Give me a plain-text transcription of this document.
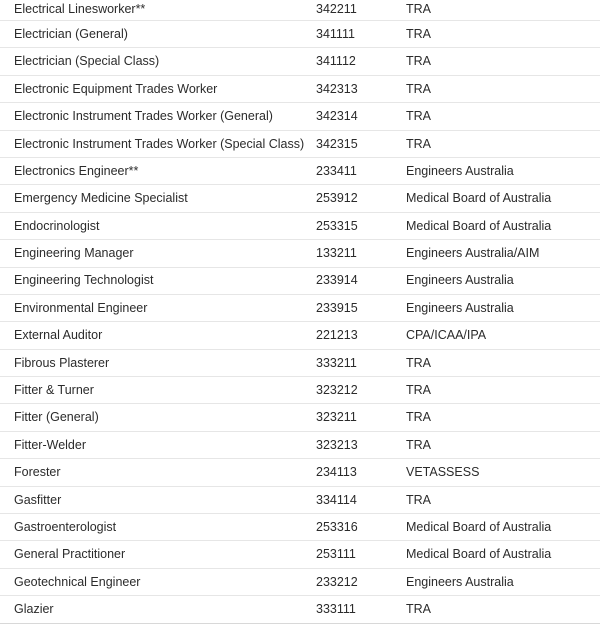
Electrical Linesworker**	342211	TRA
Electrician (General)	341111	TRA
Electrician (Special Class)	341112	TRA
Electronic Equipment Trades Worker	342313	TRA
Electronic Instrument Trades Worker (General)	342314	TRA
Electronic Instrument Trades Worker (Special Class) 342315	TRA
Electronics Engineer**	233411	Engineers Australia
Emergency Medicine Specialist	253912	Medical Board of Australia
Endocrinologist	253315	Medical Board of Australia
Engineering Manager	133211	Engineers Australia/AIM
Engineering Technologist	233914	Engineers Australia
Environmental Engineer	233915	Engineers Australia
External Auditor	221213	CPA/ICAA/IPA
Fibrous Plasterer	333211	TRA
Fitter & Turner	323212	TRA
Fitter (General)	323211	TRA
Fitter-Welder	323213	TRA
Forester	234113	VETASSESS
Gasfitter	334114	TRA
Gastroenterologist	253316	Medical Board of Australia
General Practitioner	253111	Medical Board of Australia
Geotechnical Engineer	233212	Engineers Australia
Glazier	333111	TRA
